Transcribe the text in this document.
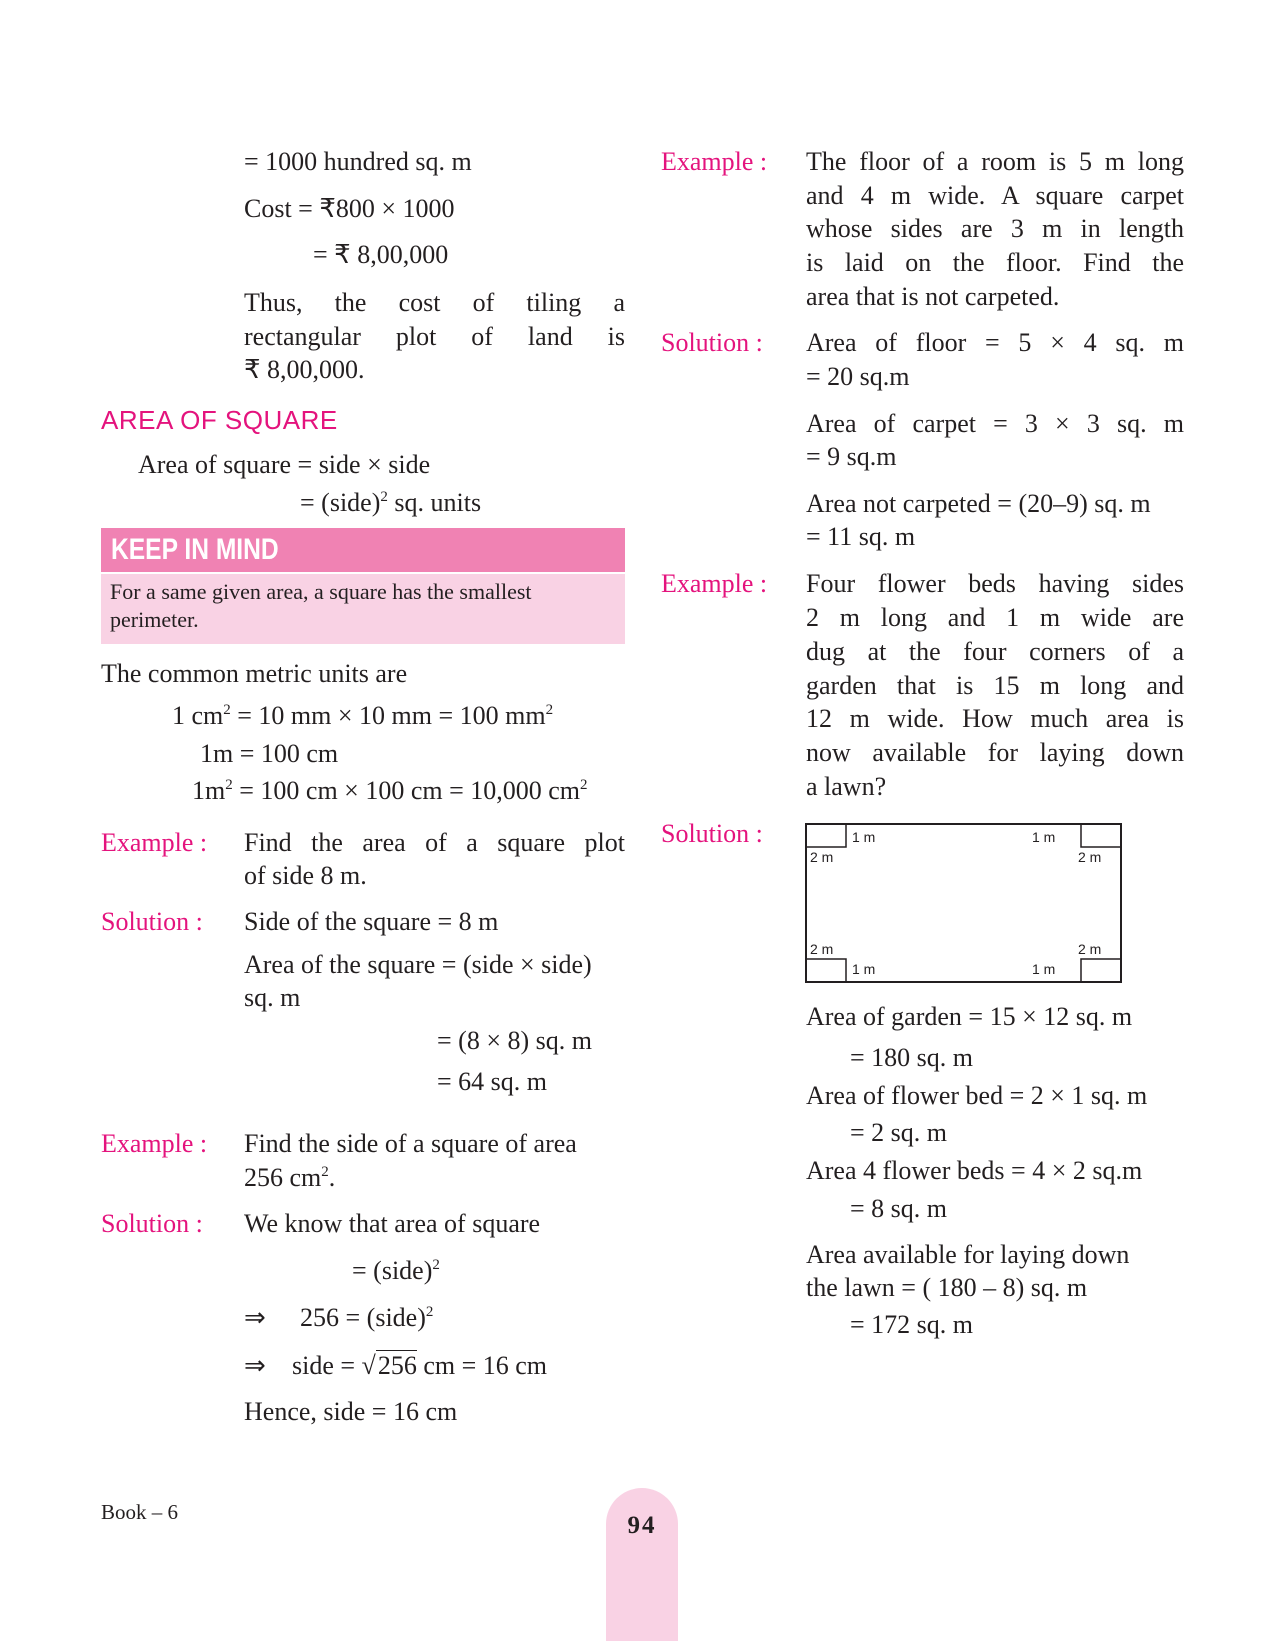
= 1000 hundred sq. m
Cost = ₹800 × 1000
= ₹ 8,00,000
Thus, the cost of tiling a
rectangular plot of land is
₹ 8,00,000.
AREA OF SQUARE
Area of square = side × side
= (side)$^2$ sq. units
KEEP IN MIND
For a same given area, a square has the smallest perimeter.
The common metric units are
1 $cm^2 = 10$ mm × 10 mm = 100 $mm^2$
1m = 100 cm
$1m^2 = 100$ cm × 100 cm = 10,000 $cm^2$
Example : Find the area of a square plot
of side 8 m.
Solution : Side of the square = 8 m
Area of the square = (side × side)
sq. m
= (8 × 8) sq. m
= 64 sq. m
Example : Find the side of a square of area
256 $cm^2$.
Solution : We know that area of square
= (side)$^2$
⇒ 256 = (side)$^2$
⇒ side = √256 cm = 16 cm
Hence, side = 16 cm
Example : The floor of a room is 5 m long
and 4 m wide. A square carpet
whose sides are 3 m in length
is laid on the floor. Find the
area that is not carpeted.
Solution : Area of floor = 5 × 4 sq. m
= 20 sq.m
Area of carpet = 3 × 3 sq. m
= 9 sq.m
Area not carpeted = (20–9) sq. m
= 11 sq. m
Example : Four flower beds having sides
2 m long and 1 m wide are
dug at the four corners of a
garden that is 15 m long and
12 m wide. How much area is
now available for laying down
a lawn?
Solution :	1 m	1 m
2 m	2 m
2 m	2 m
1 m	1 m
Area of garden = 15 × 12 sq. m
= 180 sq. m
Area of flower bed = 2 × 1 sq. m
= 2 sq. m
Area 4 flower beds = 4 × 2 sq.m
= 8 sq. m
Area available for laying down
the lawn = ( 180 – 8) sq. m
= 172 sq. m
Book – 6	94
